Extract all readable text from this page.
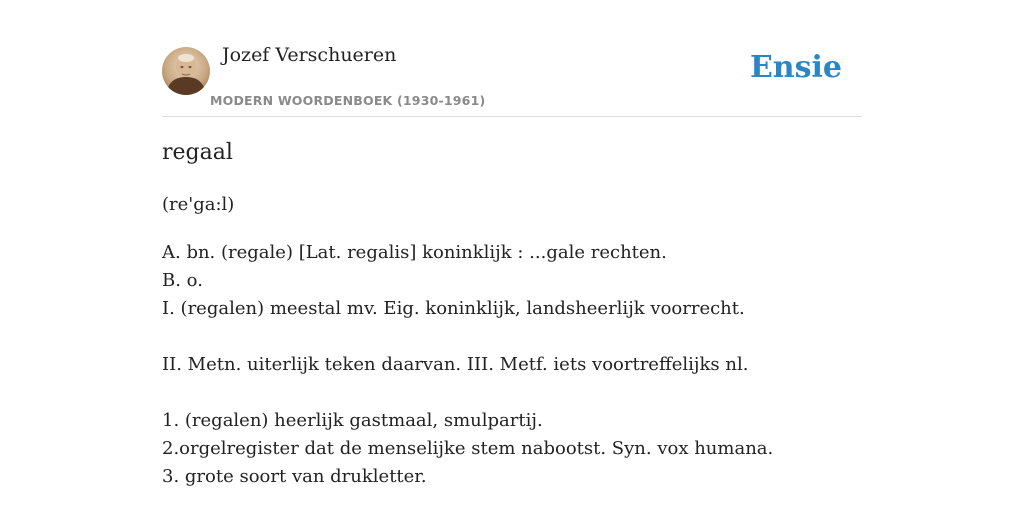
Jozef Verschueren
MODERN WOORDENBOEK (1930-1961)
Ensie
regaal
(re'ga:l)
A. bn. (regale) [Lat. regalis] koninklijk : ...gale rechten.
B. o.
I. (regalen) meestal mv. Eig. koninklijk, landsheerlijk voorrecht.
II. Metn. uiterlijk teken daarvan. III. Metf. iets voortreffelijks nl.
1. (regalen) heerlijk gastmaal, smulpartij.
2.orgelregister dat de menselijke stem nabootst. Syn. vox humana.
3. grote soort van drukletter.
